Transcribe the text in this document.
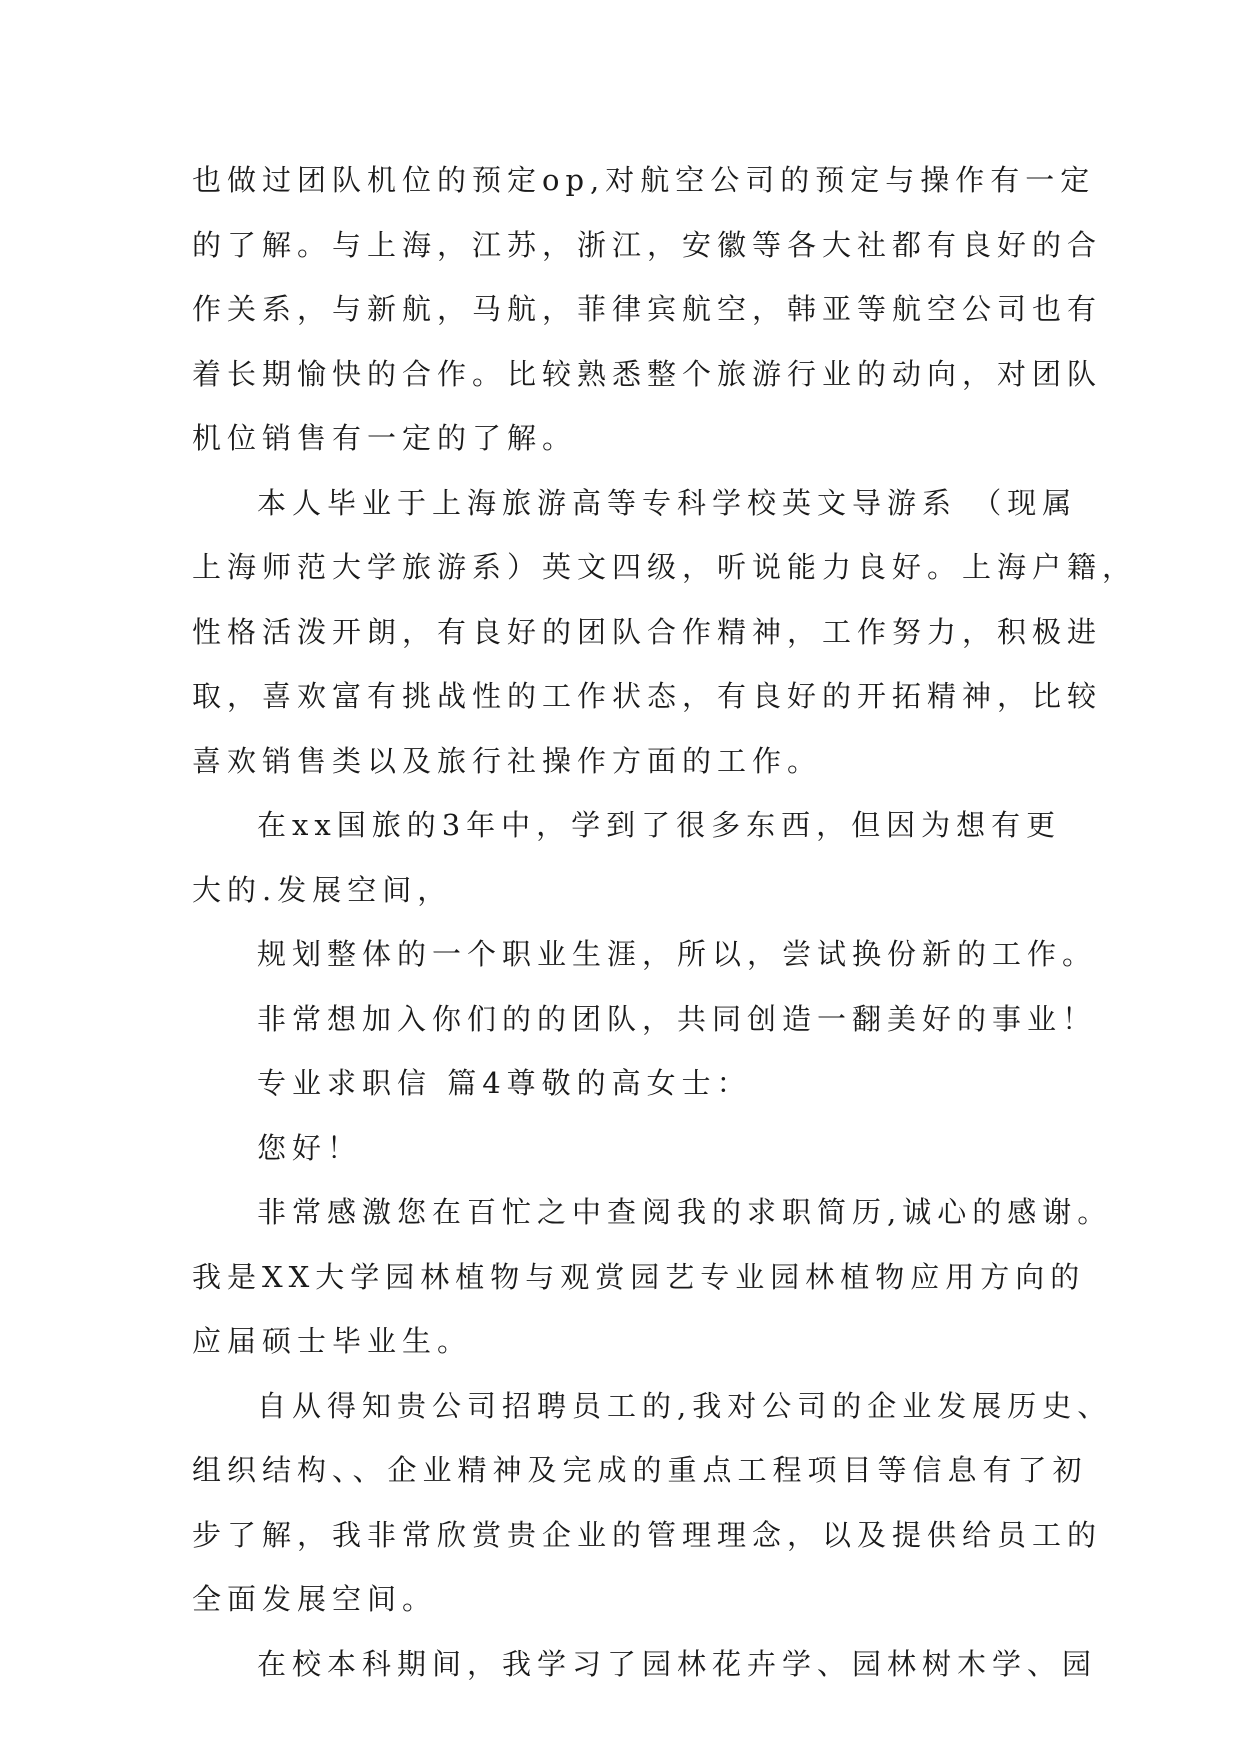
也做过团队机位的预定op,对航空公司的预定与操作有一定
的了解。与上海，江苏，浙江，安徽等各大社都有良好的合
作关系，与新航，马航，菲律宾航空，韩亚等航空公司也有
着长期愉快的合作。比较熟悉整个旅游行业的动向，对团队
机位销售有一定的了解。
本人毕业于上海旅游高等专科学校英文导游系 （现属
上海师范大学旅游系）英文四级，听说能力良好。上海户籍，
性格活泼开朗，有良好的团队合作精神，工作努力，积极进
取，喜欢富有挑战性的工作状态，有良好的开拓精神，比较
喜欢销售类以及旅行社操作方面的工作。
在xx国旅的3年中，学到了很多东西，但因为想有更
大的.发展空间，
规划整体的一个职业生涯，所以，尝试换份新的工作。
非常想加入你们的的团队，共同创造一翻美好的事业！
专业求职信 篇4尊敬的高女士：
您好！
非常感激您在百忙之中查阅我的求职简历,诚心的感谢。
我是XX大学园林植物与观赏园艺专业园林植物应用方向的
应届硕士毕业生。
自从得知贵公司招聘员工的,我对公司的企业发展历史、
组织结构、、企业精神及完成的重点工程项目等信息有了初
步了解，我非常欣赏贵企业的管理理念，以及提供给员工的
全面发展空间。
在校本科期间，我学习了园林花卉学、园林树木学、园
